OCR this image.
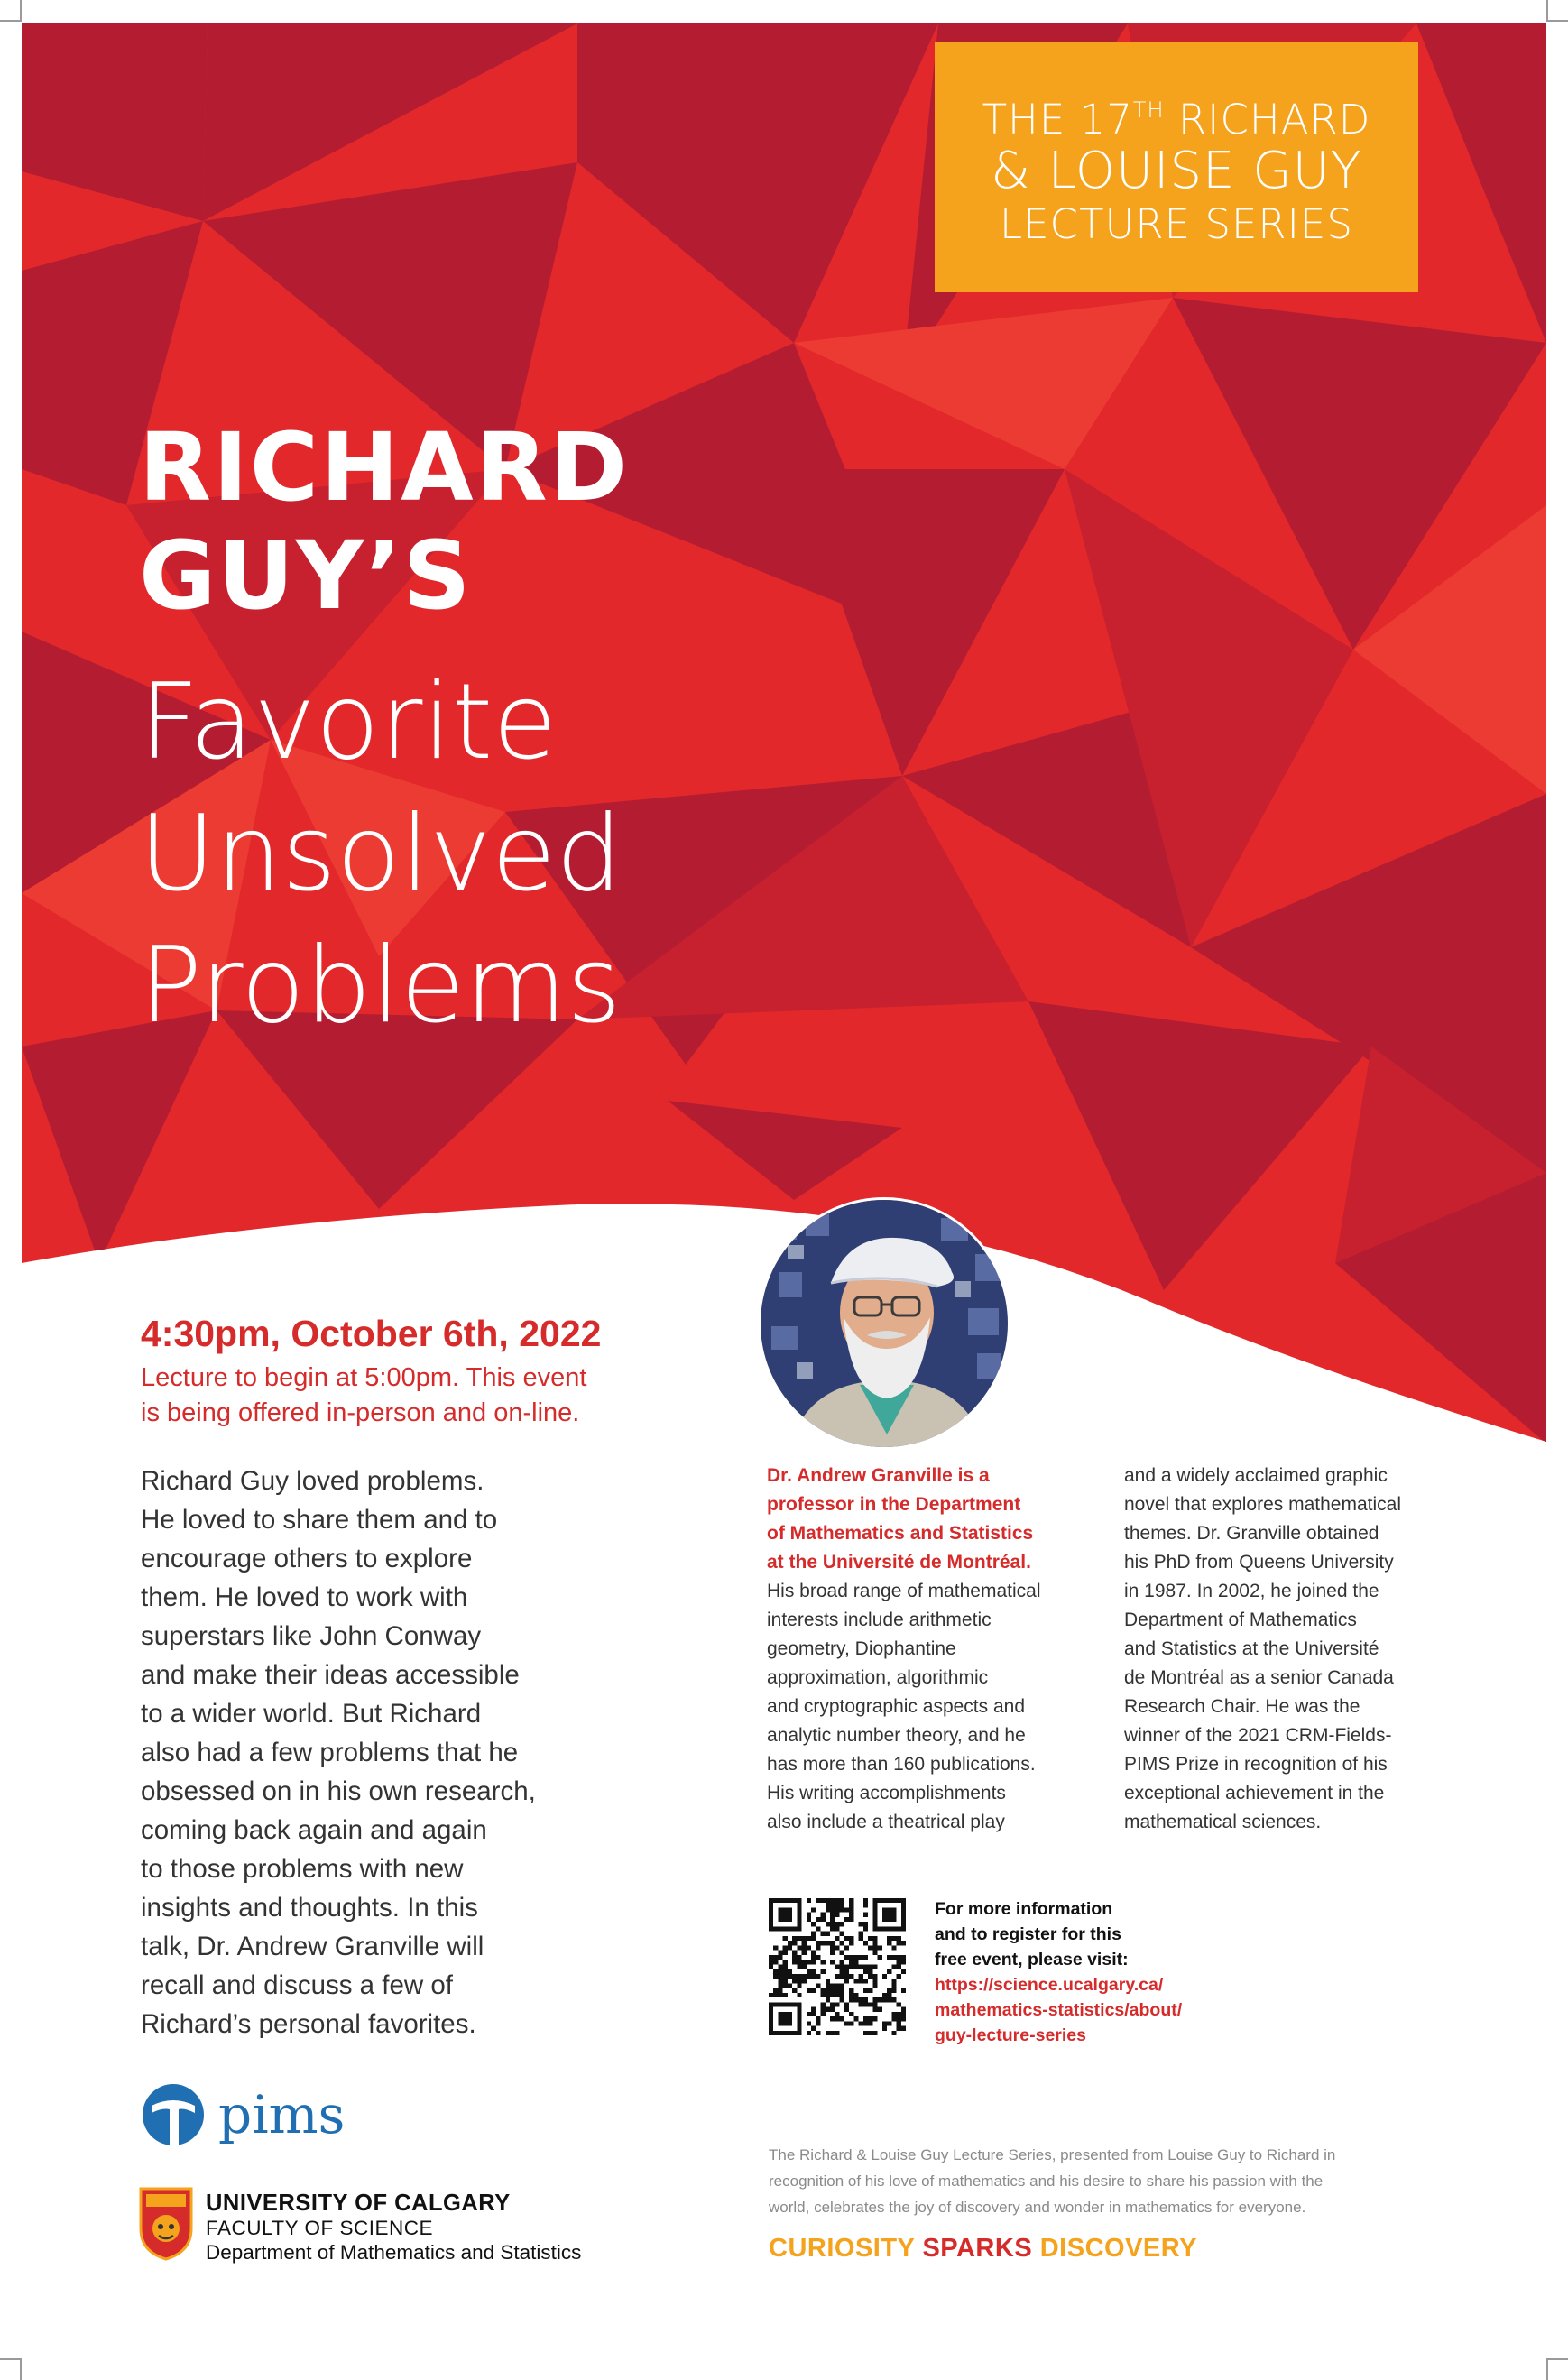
THE 17TH RICHARD
& LOUISE GUY
LECTURE SERIES
RICHARD
GUY’S
Favorite
Unsolved
Problems
4:30pm, October 6th, 2022
Lecture to begin at 5:00pm. This event
is being offered in-person and on-line.
Richard Guy loved problems.
He loved to share them and to
encourage others to explore
them. He loved to work with
superstars like John Conway
and make their ideas accessible
to a wider world. But Richard
also had a few problems that he
obsessed on in his own research,
coming back again and again
to those problems with new
insights and thoughts. In this
talk, Dr. Andrew Granville will
recall and discuss a few of
Richard’s personal favorites.
Dr. Andrew Granville is a
professor in the Department
of Mathematics and Statistics
at the Université de Montréal.
His broad range of mathematical
interests include arithmetic
geometry, Diophantine
approximation, algorithmic
and cryptographic aspects and
analytic number theory, and he
has more than 160 publications.
His writing accomplishments
also include a theatrical play
and a widely acclaimed graphic
novel that explores mathematical
themes. Dr. Granville obtained
his PhD from Queens University
in 1987. In 2002, he joined the
Department of Mathematics
and Statistics at the Université
de Montréal as a senior Canada
Research Chair. He was the
winner of the 2021 CRM-Fields-
PIMS Prize in recognition of his
exceptional achievement in the
mathematical sciences.
For more information
and to register for this
free event, please visit:
https://science.ucalgary.ca/
mathematics-statistics/about/
guy-lecture-series
pims
UNIVERSITY OF CALGARY
FACULTY OF SCIENCE
Department of Mathematics and Statistics
The Richard & Louise Guy Lecture Series, presented from Louise Guy to Richard in
recognition of his love of mathematics and his desire to share his passion with the
world, celebrates the joy of discovery and wonder in mathematics for everyone.
CURIOSITY SPARKS DISCOVERY
